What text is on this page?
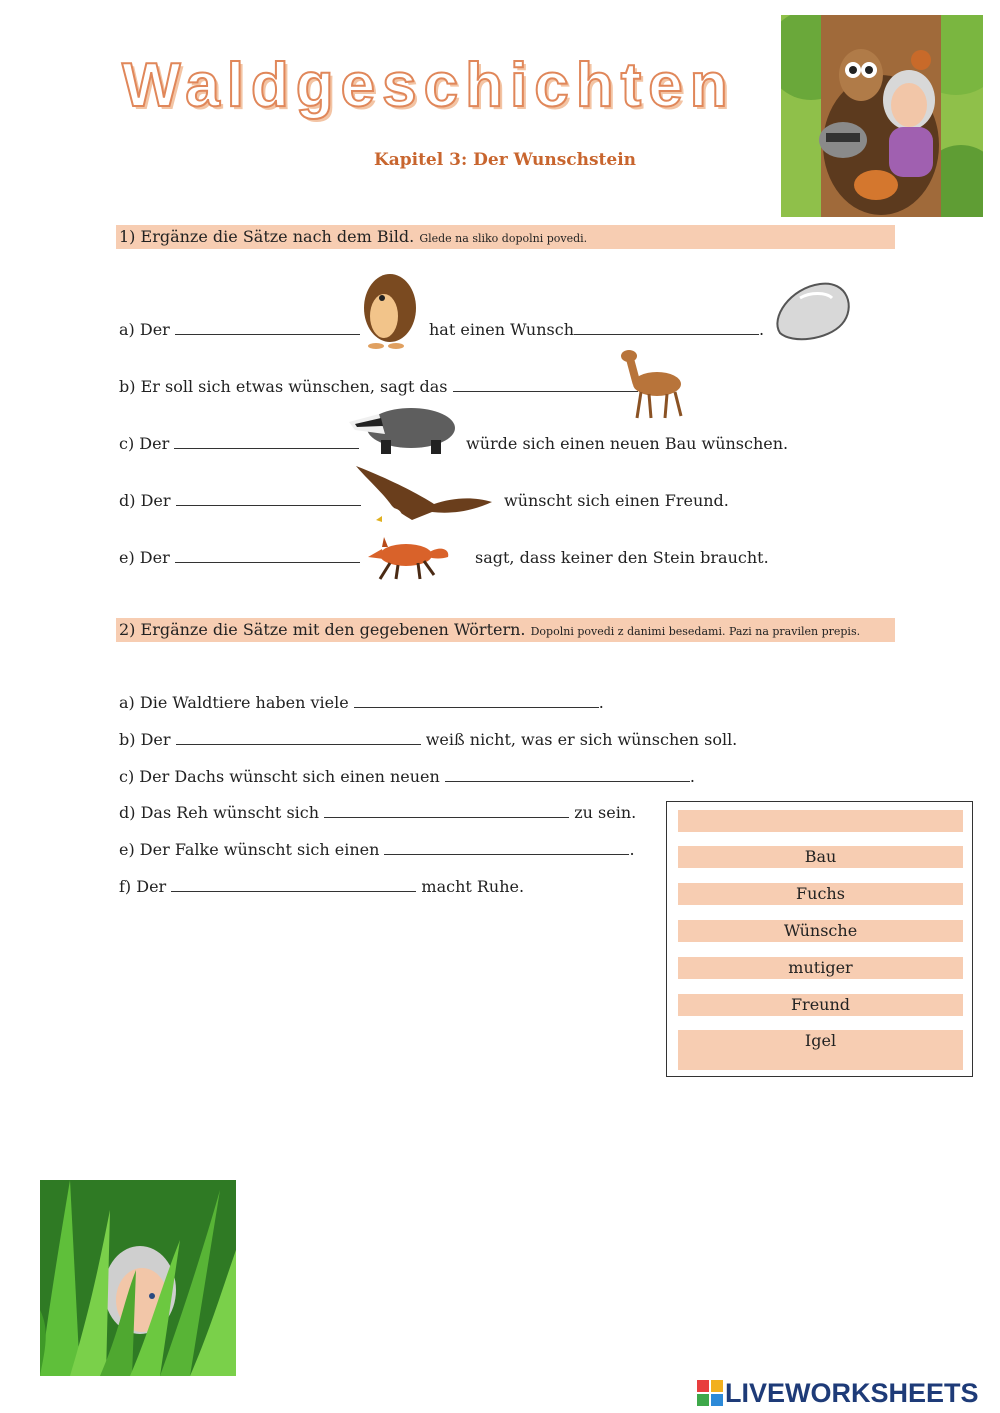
Waldgeschichten
Kapitel 3: Der Wunschstein
1) Ergänze die Sätze nach dem Bild. Glede na sliko dopolni povedi.
a) Der	hat einen Wunsch	.
b) Er soll sich etwas wünschen, sagt das
c) Der	würde sich einen neuen Bau wünschen.
d) Der	wünscht sich einen Freund.
e) Der	sagt, dass keiner den Stein braucht.
2) Ergänze die Sätze mit den gegebenen Wörtern. Dopolni povedi z danimi besedami. Pazi na pravilen prepis.
a) Die Waldtiere haben viele	.
b) Der	weiß nicht, was er sich wünschen soll.
c) Der Dachs wünscht sich einen neuen	.
d) Das Reh wünscht sich	zu sein.
e) Der Falke wünscht sich einen	.
f) Der	macht Ruhe.
Bau
Fuchs
Wünsche
mutiger
Freund
Igel
LIVEWORKSHEETS
